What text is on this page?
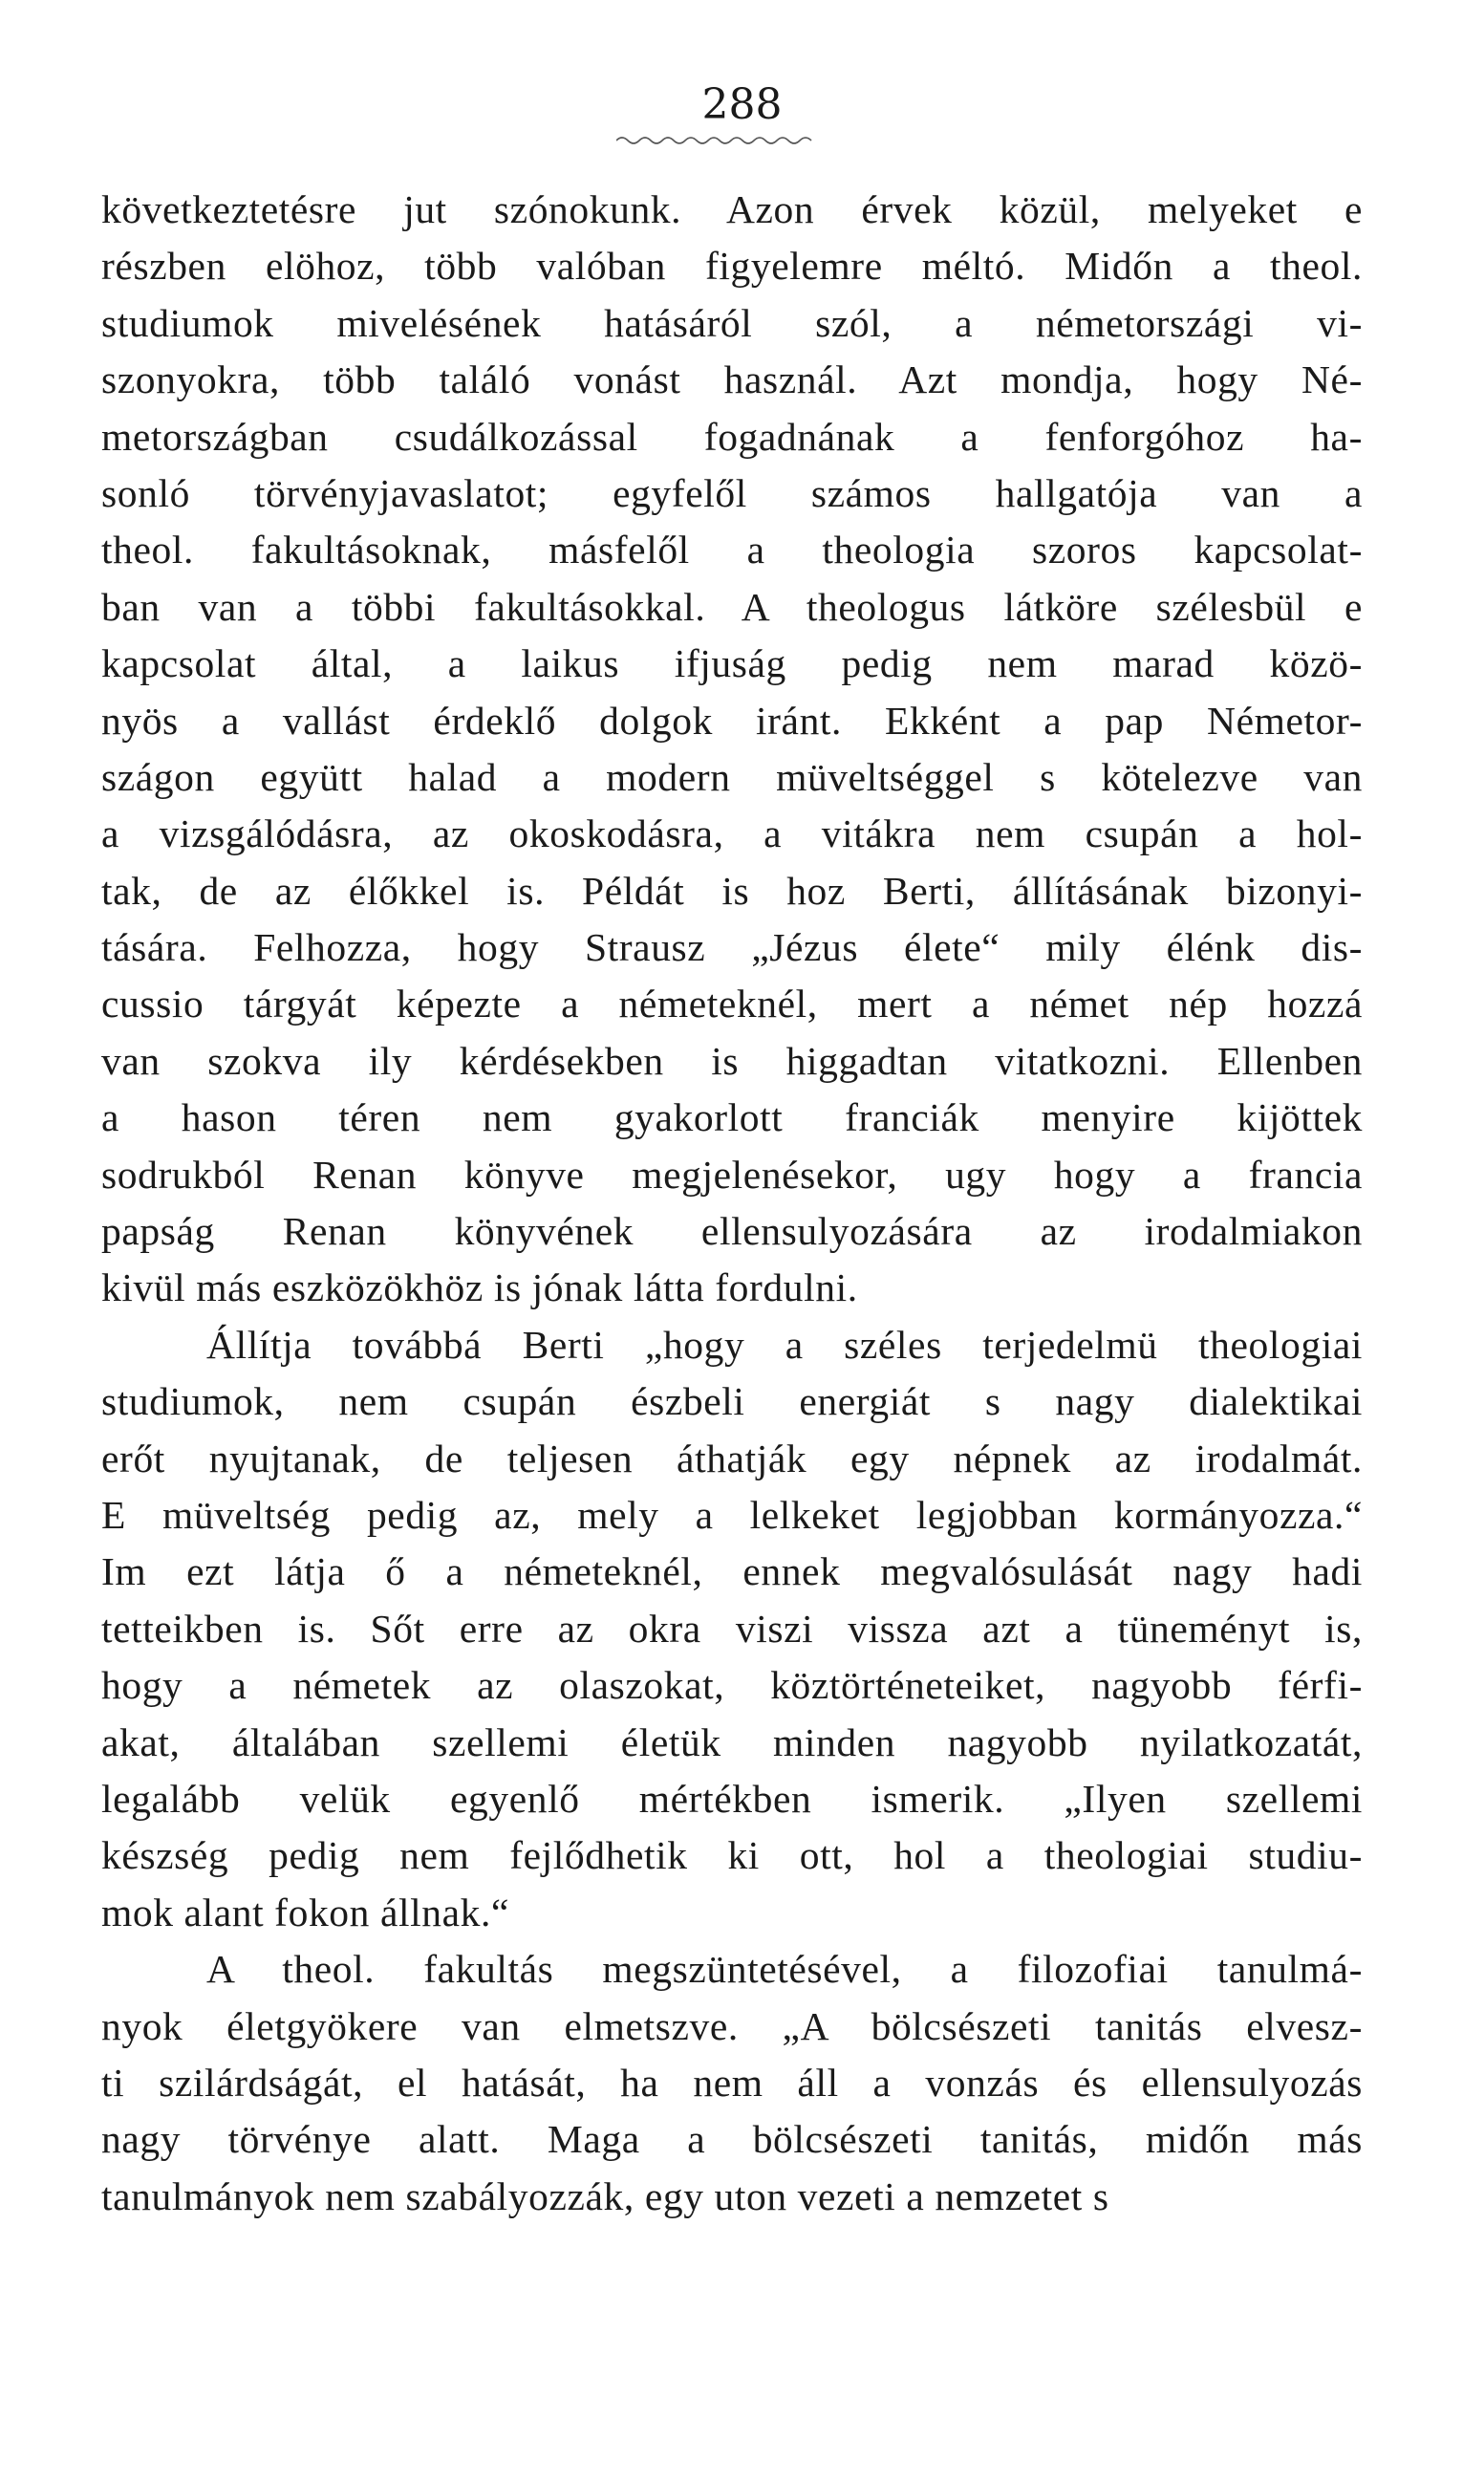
288
következtetésre jut szónokunk. Azon érvek közül, melyeket e
részben elöhoz, több valóban figyelemre méltó. Midőn a theol.
studiumok mivelésének hatásáról szól, a németországi vi-
szonyokra, több találó vonást használ. Azt mondja, hogy Né-
metországban csudálkozással fogadnának a fenforgóhoz ha-
sonló törvényjavaslatot; egyfelől számos hallgatója van a
theol. fakultásoknak, másfelől a theologia szoros kapcsolat-
ban van a többi fakultásokkal. A theologus látköre szélesbül e
kapcsolat által, a laikus ifjuság pedig nem marad közö-
nyös a vallást érdeklő dolgok iránt. Ekként a pap Németor-
szágon együtt halad a modern müveltséggel s kötelezve van
a vizsgálódásra, az okoskodásra, a vitákra nem csupán a hol-
tak, de az élőkkel is. Példát is hoz Berti, állításának bizonyi-
tására. Felhozza, hogy Strausz „Jézus élete“ mily élénk dis-
cussio tárgyát képezte a németeknél, mert a német nép hozzá
van szokva ily kérdésekben is higgadtan vitatkozni. Ellenben
a hason téren nem gyakorlott franciák menyire kijöttek
sodrukból Renan könyve megjelenésekor, ugy hogy a francia
papság Renan könyvének ellensulyozására az irodalmiakon
kivül más eszközökhöz is jónak látta fordulni.
Állítja továbbá Berti „hogy a széles terjedelmü theologiai
studiumok, nem csupán észbeli energiát s nagy dialektikai
erőt nyujtanak, de teljesen áthatják egy népnek az irodalmát.
E müveltség pedig az, mely a lelkeket legjobban kormányozza.“
Im ezt látja ő a németeknél, ennek megvalósulását nagy hadi
tetteikben is. Sőt erre az okra viszi vissza azt a tüneményt is,
hogy a németek az olaszokat, köztörténeteiket, nagyobb férfi-
akat, általában szellemi életük minden nagyobb nyilatkozatát,
legalább velük egyenlő mértékben ismerik. „Ilyen szellemi
készség pedig nem fejlődhetik ki ott, hol a theologiai studiu-
mok alant fokon állnak.“
A theol. fakultás megszüntetésével, a filozofiai tanulmá-
nyok életgyökere van elmetszve. „A bölcsészeti tanitás elvesz-
ti szilárdságát, el hatását, ha nem áll a vonzás és ellensulyozás
nagy törvénye alatt. Maga a bölcsészeti tanitás, midőn más
tanulmányok nem szabályozzák, egy uton vezeti a nemzetet s
